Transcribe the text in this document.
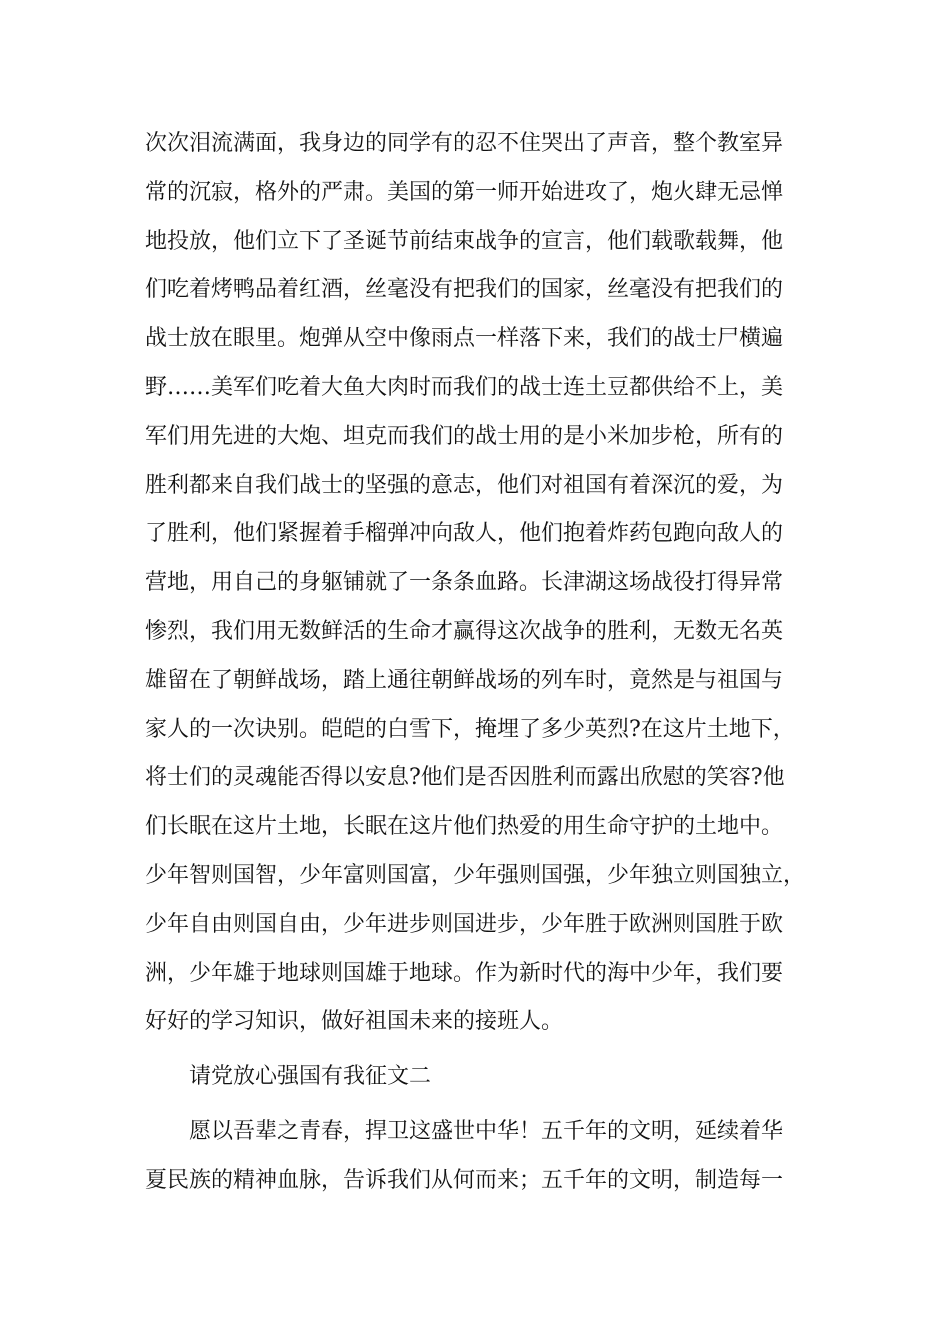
次次泪流满面，我身边的同学有的忍不住哭出了声音，整个教室异
常的沉寂，格外的严肃。美国的第一师开始进攻了，炮火肆无忌惮
地投放，他们立下了圣诞节前结束战争的宣言，他们载歌载舞，他
们吃着烤鸭品着红酒，丝毫没有把我们的国家，丝毫没有把我们的
战士放在眼里。炮弹从空中像雨点一样落下来，我们的战士尸横遍
野……美军们吃着大鱼大肉时而我们的战士连土豆都供给不上，美
军们用先进的大炮、坦克而我们的战士用的是小米加步枪，所有的
胜利都来自我们战士的坚强的意志，他们对祖国有着深沉的爱，为
了胜利，他们紧握着手榴弹冲向敌人，他们抱着炸药包跑向敌人的
营地，用自己的身躯铺就了一条条血路。长津湖这场战役打得异常
惨烈，我们用无数鲜活的生命才赢得这次战争的胜利，无数无名英
雄留在了朝鲜战场，踏上通往朝鲜战场的列车时，竟然是与祖国与
家人的一次诀别。皑皑的白雪下，掩埋了多少英烈?在这片土地下，
将士们的灵魂能否得以安息?他们是否因胜利而露出欣慰的笑容?他
们长眠在这片土地，长眠在这片他们热爱的用生命守护的土地中。
少年智则国智，少年富则国富，少年强则国强，少年独立则国独立，
少年自由则国自由，少年进步则国进步，少年胜于欧洲则国胜于欧
洲，少年雄于地球则国雄于地球。作为新时代的海中少年，我们要
好好的学习知识，做好祖国未来的接班人。
请党放心强国有我征文二
愿以吾辈之青春，捍卫这盛世中华！五千年的文明，延续着华
夏民族的精神血脉，告诉我们从何而来；五千年的文明，制造每一
